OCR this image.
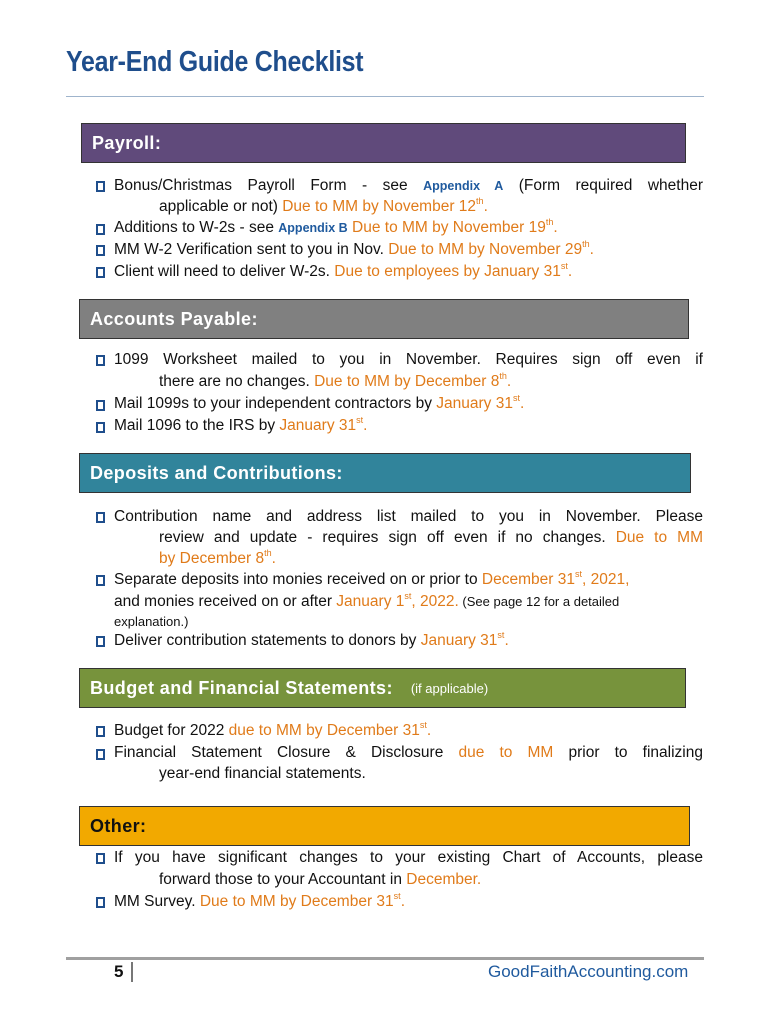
Year-End Guide Checklist
Payroll:
Bonus/Christmas Payroll Form - see Appendix A (Form required whether
applicable or not) Due to MM by November 12th.
Additions to W-2s - see Appendix B Due to MM by November 19th.
MM W-2 Verification sent to you in Nov. Due to MM by November 29th.
Client will need to deliver W-2s. Due to employees by January 31st.
Accounts Payable:
1099 Worksheet mailed to you in November. Requires sign off even if
there are no changes. Due to MM by December 8th.
Mail 1099s to your independent contractors by January 31st.
Mail 1096 to the IRS by January 31st.
Deposits and Contributions:
Contribution name and address list mailed to you in November. Please
review and update - requires sign off even if no changes. Due to MM
by December 8th.
Separate deposits into monies received on or prior to December 31st, 2021,
and monies received on or after January 1st, 2022. (See page 12 for a detailed
explanation.)
Deliver contribution statements to donors by January 31st.
Budget and Financial Statements: (if applicable)
Budget for 2022 due to MM by December 31st.
Financial Statement Closure & Disclosure due to MM prior to finalizing
year-end financial statements.
Other:
If you have significant changes to your existing Chart of Accounts, please
forward those to your Accountant in December.
MM Survey. Due to MM by December 31st.
5	GoodFaithAccounting.com
